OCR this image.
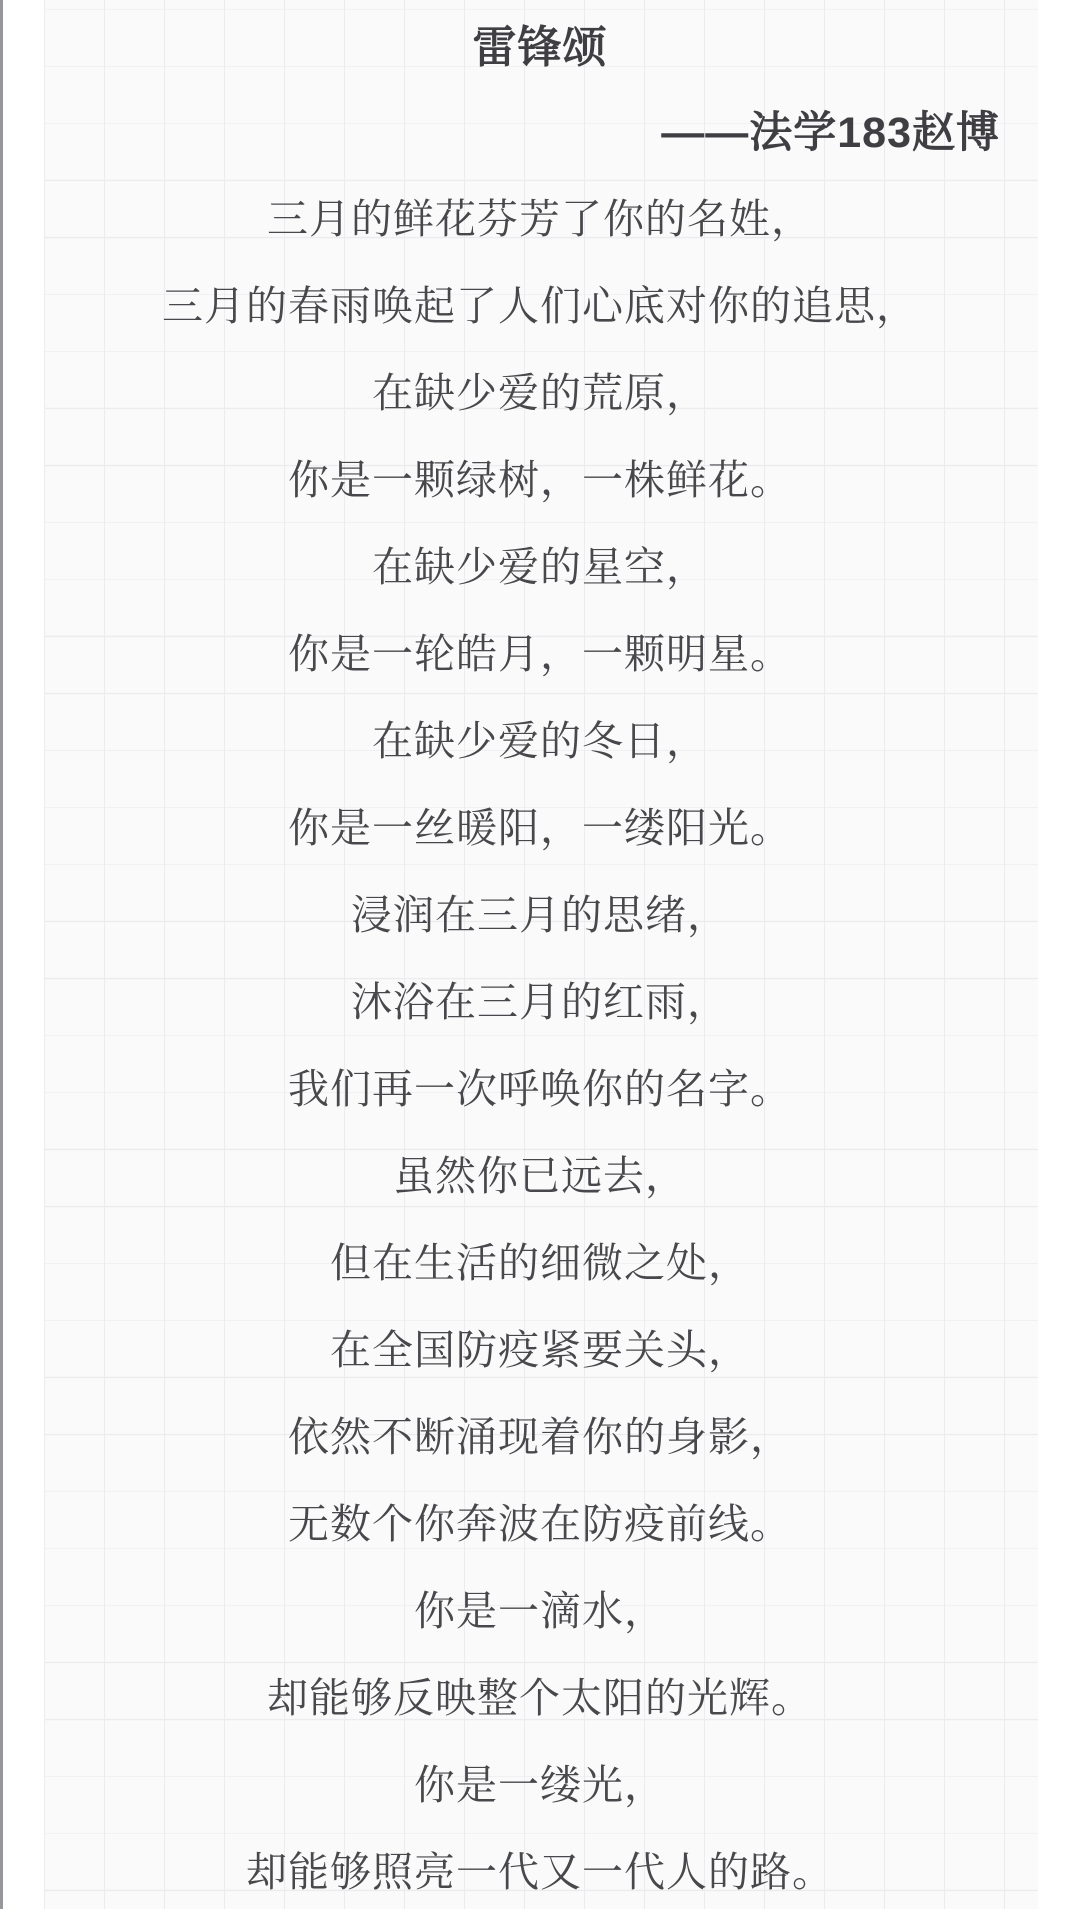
雷锋颂
——法学183赵博
三月的鲜花芬芳了你的名姓，
三月的春雨唤起了人们心底对你的追思，
在缺少爱的荒原，
你是一颗绿树，一株鲜花。
在缺少爱的星空，
你是一轮皓月，一颗明星。
在缺少爱的冬日，
你是一丝暖阳，一缕阳光。
浸润在三月的思绪，
沐浴在三月的红雨，
我们再一次呼唤你的名字。
虽然你已远去，
但在生活的细微之处，
在全国防疫紧要关头，
依然不断涌现着你的身影，
无数个你奔波在防疫前线。
你是一滴水，
却能够反映整个太阳的光辉。
你是一缕光，
却能够照亮一代又一代人的路。
